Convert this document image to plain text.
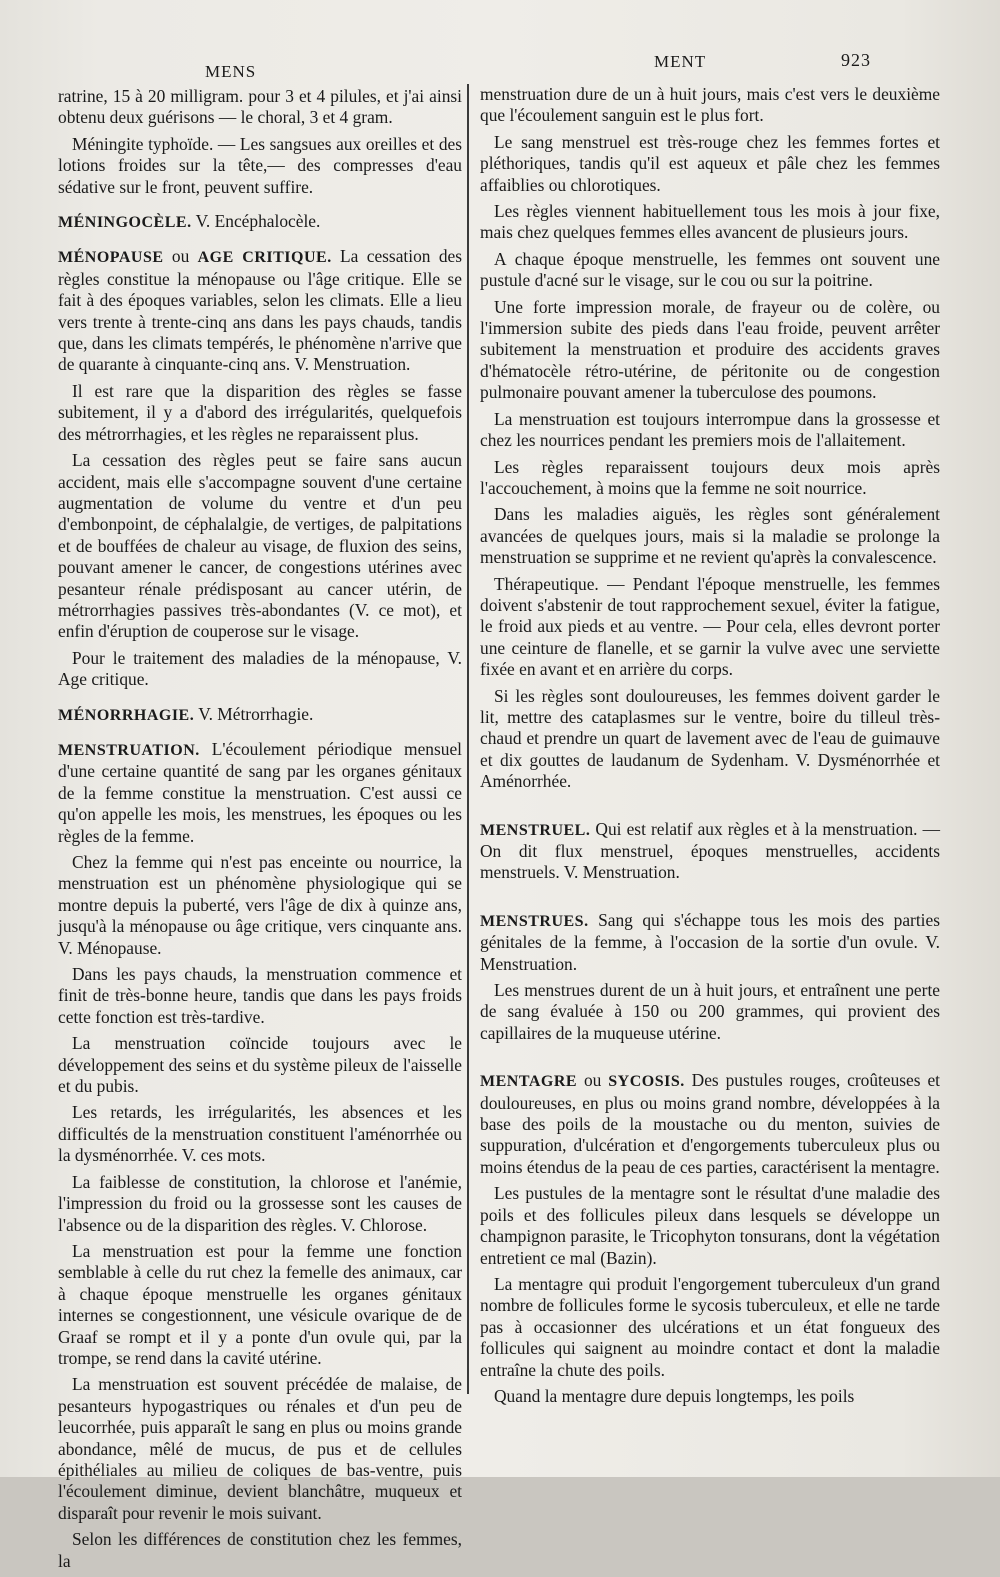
MENS
MENT	923

ratrine, 15 à 20 milligram. pour 3 et 4 pilules, et j'ai ainsi obtenu deux guérisons — le choral, 3 et 4 gram.

Méningite typhoïde. — Les sangsues aux oreilles et des lotions froides sur la tête,— des compresses d'eau sédative sur le front, peuvent suffire.

MÉNINGOCÈLE. V. Encéphalocèle.

MÉNOPAUSE ou AGE CRITIQUE. La cessation des règles constitue la ménopause ou l'âge critique. Elle se fait à des époques variables, selon les climats. Elle a lieu vers trente à trente-cinq ans dans les pays chauds, tandis que, dans les climats tempérés, le phénomène n'arrive que de quarante à cinquante-cinq ans. V. Menstruation.

Il est rare que la disparition des règles se fasse subitement, il y a d'abord des irrégularités, quelquefois des métrorrhagies, et les règles ne reparaissent plus.

La cessation des règles peut se faire sans aucun accident, mais elle s'accompagne souvent d'une certaine augmentation de volume du ventre et d'un peu d'embonpoint, de céphalalgie, de vertiges, de palpitations et de bouffées de chaleur au visage, de fluxion des seins, pouvant amener le cancer, de congestions utérines avec pesanteur rénale prédisposant au cancer utérin, de métrorrhagies passives très-abondantes (V. ce mot), et enfin d'éruption de couperose sur le visage.

Pour le traitement des maladies de la ménopause, V. Age critique.

MÉNORRHAGIE. V. Métrorrhagie.

MENSTRUATION. L'écoulement périodique mensuel d'une certaine quantité de sang par les organes génitaux de la femme constitue la menstruation. C'est aussi ce qu'on appelle les mois, les menstrues, les époques ou les règles de la femme.

Chez la femme qui n'est pas enceinte ou nourrice, la menstruation est un phénomène physiologique qui se montre depuis la puberté, vers l'âge de dix à quinze ans, jusqu'à la ménopause ou âge critique, vers cinquante ans. V. Ménopause.

Dans les pays chauds, la menstruation commence et finit de très-bonne heure, tandis que dans les pays froids cette fonction est très-tardive.

La menstruation coïncide toujours avec le développement des seins et du système pileux de l'aisselle et du pubis.

Les retards, les irrégularités, les absences et les difficultés de la menstruation constituent l'aménorrhée ou la dysménorrhée. V. ces mots.

La faiblesse de constitution, la chlorose et l'anémie, l'impression du froid ou la grossesse sont les causes de l'absence ou de la disparition des règles. V. Chlorose.

La menstruation est pour la femme une fonction semblable à celle du rut chez la femelle des animaux, car à chaque époque menstruelle les organes génitaux internes se congestionnent, une vésicule ovarique de de Graaf se rompt et il y a ponte d'un ovule qui, par la trompe, se rend dans la cavité utérine.

La menstruation est souvent précédée de malaise, de pesanteurs hypogastriques ou rénales et d'un peu de leucorrhée, puis apparaît le sang en plus ou moins grande abondance, mêlé de mucus, de pus et de cellules épithéliales au milieu de coliques de bas-ventre, puis l'écoulement diminue, devient blanchâtre, muqueux et disparaît pour revenir le mois suivant.

Selon les différences de constitution chez les femmes, la

menstruation dure de un à huit jours, mais c'est vers le deuxième que l'écoulement sanguin est le plus fort.

Le sang menstruel est très-rouge chez les femmes fortes et pléthoriques, tandis qu'il est aqueux et pâle chez les femmes affaiblies ou chlorotiques.

Les règles viennent habituellement tous les mois à jour fixe, mais chez quelques femmes elles avancent de plusieurs jours.

A chaque époque menstruelle, les femmes ont souvent une pustule d'acné sur le visage, sur le cou ou sur la poitrine.

Une forte impression morale, de frayeur ou de colère, ou l'immersion subite des pieds dans l'eau froide, peuvent arrêter subitement la menstruation et produire des accidents graves d'hématocèle rétro-utérine, de péritonite ou de congestion pulmonaire pouvant amener la tuberculose des poumons.

La menstruation est toujours interrompue dans la grossesse et chez les nourrices pendant les premiers mois de l'allaitement.

Les règles reparaissent toujours deux mois après l'accouchement, à moins que la femme ne soit nourrice.

Dans les maladies aiguës, les règles sont généralement avancées de quelques jours, mais si la maladie se prolonge la menstruation se supprime et ne revient qu'après la convalescence.

Thérapeutique. — Pendant l'époque menstruelle, les femmes doivent s'abstenir de tout rapprochement sexuel, éviter la fatigue, le froid aux pieds et au ventre. — Pour cela, elles devront porter une ceinture de flanelle, et se garnir la vulve avec une serviette fixée en avant et en arrière du corps.

Si les règles sont douloureuses, les femmes doivent garder le lit, mettre des cataplasmes sur le ventre, boire du tilleul très-chaud et prendre un quart de lavement avec de l'eau de guimauve et dix gouttes de laudanum de Sydenham. V. Dysménorrhée et Aménorrhée.

MENSTRUEL. Qui est relatif aux règles et à la menstruation. — On dit flux menstruel, époques menstruelles, accidents menstruels. V. Menstruation.

MENSTRUES. Sang qui s'échappe tous les mois des parties génitales de la femme, à l'occasion de la sortie d'un ovule. V. Menstruation.

Les menstrues durent de un à huit jours, et entraînent une perte de sang évaluée à 150 ou 200 grammes, qui provient des capillaires de la muqueuse utérine.

MENTAGRE ou SYCOSIS. Des pustules rouges, croûteuses et douloureuses, en plus ou moins grand nombre, développées à la base des poils de la moustache ou du menton, suivies de suppuration, d'ulcération et d'engorgements tuberculeux plus ou moins étendus de la peau de ces parties, caractérisent la mentagre.

Les pustules de la mentagre sont le résultat d'une maladie des poils et des follicules pileux dans lesquels se développe un champignon parasite, le Tricophyton tonsurans, dont la végétation entretient ce mal (Bazin).

La mentagre qui produit l'engorgement tuberculeux d'un grand nombre de follicules forme le sycosis tuberculeux, et elle ne tarde pas à occasionner des ulcérations et un état fongueux des follicules qui saignent au moindre contact et dont la maladie entraîne la chute des poils.

Quand la mentagre dure depuis longtemps, les poils
